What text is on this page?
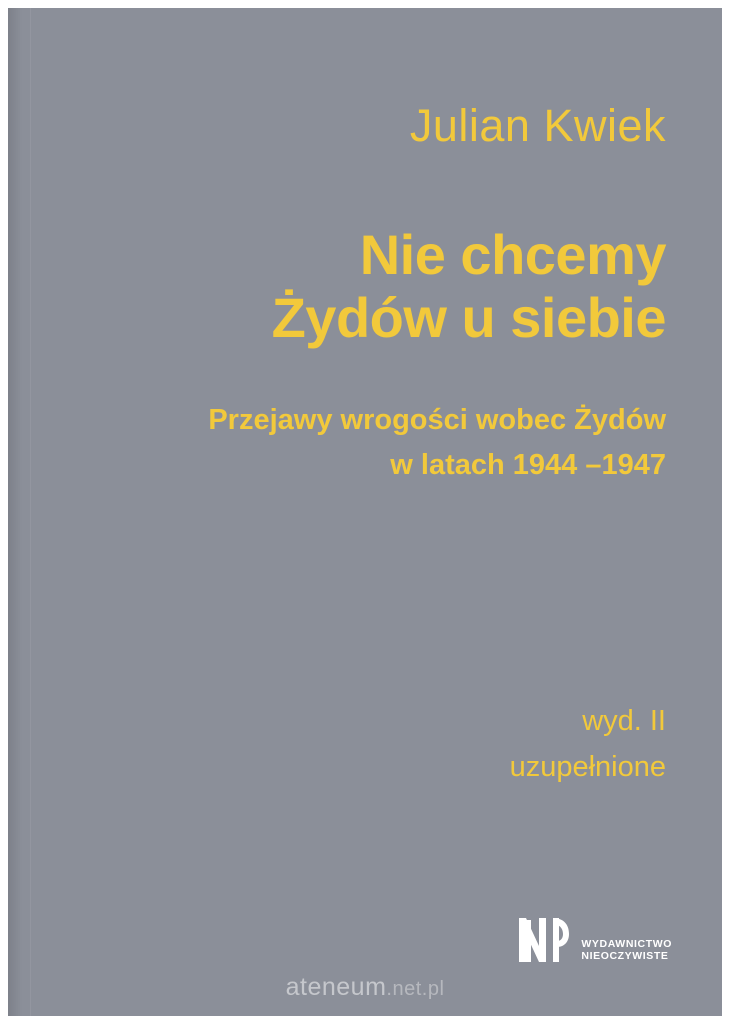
Julian Kwiek
Nie chcemy
Żydów u siebie
Przejawy wrogości wobec Żydów
w latach 1944 –1947
wyd. II
uzupełnione
WYDAWNICTWO
NIEOCZYWISTE
ateneum.net.pl
